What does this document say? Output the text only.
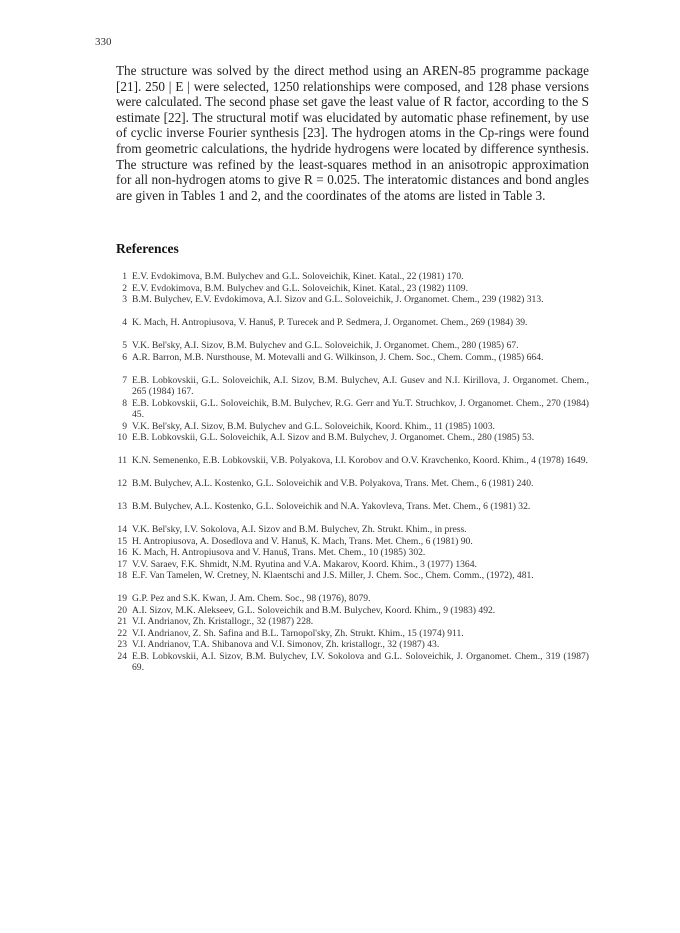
330

The structure was solved by the direct method using an AREN-85 programme package [21]. 250 | E | were selected, 1250 relationships were composed, and 128 phase versions were calculated. The second phase set gave the least value of R factor, according to the S estimate [22]. The structural motif was elucidated by automatic phase refinement, by use of cyclic inverse Fourier synthesis [23]. The hydrogen atoms in the Cp-rings were found from geometric calculations, the hydride hydrogens were located by difference synthesis. The structure was refined by the least-squares method in an anisotropic approximation for all non-hydrogen atoms to give R = 0.025. The interatomic distances and bond angles are given in Tables 1 and 2, and the coordinates of the atoms are listed in Table 3.

References
1 E.V. Evdokimova, B.M. Bulychev and G.L. Soloveichik, Kinet. Katal., 22 (1981) 170.
2 E.V. Evdokimova, B.M. Bulychev and G.L. Soloveichik, Kinet. Katal., 23 (1982) 1109.
3 B.M. Bulychev, E.V. Evdokimova, A.I. Sizov and G.L. Soloveichik, J. Organomet. Chem., 239 (1982) 313.
4 K. Mach, H. Antropiusova, V. Hanuš, P. Turecek and P. Sedmera, J. Organomet. Chem., 269 (1984) 39.
5 V.K. Bel'sky, A.I. Sizov, B.M. Bulychev and G.L. Soloveichik, J. Organomet. Chem., 280 (1985) 67.
6 A.R. Barron, M.B. Nursthouse, M. Motevalli and G. Wilkinson, J. Chem. Soc., Chem. Comm., (1985) 664.
7 E.B. Lobkovskii, G.L. Soloveichik, A.I. Sizov, B.M. Bulychev, A.I. Gusev and N.I. Kirillova, J. Organomet. Chem., 265 (1984) 167.
8 E.B. Lobkovskii, G.L. Soloveichik, B.M. Bulychev, R.G. Gerr and Yu.T. Struchkov, J. Organomet. Chem., 270 (1984) 45.
9 V.K. Bel'sky, A.I. Sizov, B.M. Bulychev and G.L. Soloveichik, Koord. Khim., 11 (1985) 1003.
10 E.B. Lobkovskii, G.L. Soloveichik, A.I. Sizov and B.M. Bulychev, J. Organomet. Chem., 280 (1985) 53.
11 K.N. Semenenko, E.B. Lobkovskii, V.B. Polyakova, I.I. Korobov and O.V. Kravchenko, Koord. Khim., 4 (1978) 1649.
12 B.M. Bulychev, A.L. Kostenko, G.L. Soloveichik and V.B. Polyakova, Trans. Met. Chem., 6 (1981) 240.
13 B.M. Bulychev, A.L. Kostenko, G.L. Soloveichik and N.A. Yakovleva, Trans. Met. Chem., 6 (1981) 32.
14 V.K. Bel'sky, I.V. Sokolova, A.I. Sizov and B.M. Bulychev, Zh. Strukt. Khim., in press.
15 H. Antropiusova, A. Dosedlova and V. Hanuš, K. Mach, Trans. Met. Chem., 6 (1981) 90.
16 K. Mach, H. Antropiusova and V. Hanuš, Trans. Met. Chem., 10 (1985) 302.
17 V.V. Saraev, F.K. Shmidt, N.M. Ryutina and V.A. Makarov, Koord. Khim., 3 (1977) 1364.
18 E.F. Van Tamelen, W. Cretney, N. Klaentschi and J.S. Miller, J. Chem. Soc., Chem. Comm., (1972), 481.
19 G.P. Pez and S.K. Kwan, J. Am. Chem. Soc., 98 (1976), 8079.
20 A.I. Sizov, M.K. Alekseev, G.L. Soloveichik and B.M. Bulychev, Koord. Khim., 9 (1983) 492.
21 V.I. Andrianov, Zh. Kristallogr., 32 (1987) 228.
22 V.I. Andrianov, Z. Sh. Safina and B.L. Tarnopol'sky, Zh. Strukt. Khim., 15 (1974) 911.
23 V.I. Andrianov, T.A. Shibanova and V.I. Simonov, Zh. kristallogr., 32 (1987) 43.
24 E.B. Lobkovskii, A.I. Sizov, B.M. Bulychev, I.V. Sokolova and G.L. Soloveichik, J. Organomet. Chem., 319 (1987) 69.
